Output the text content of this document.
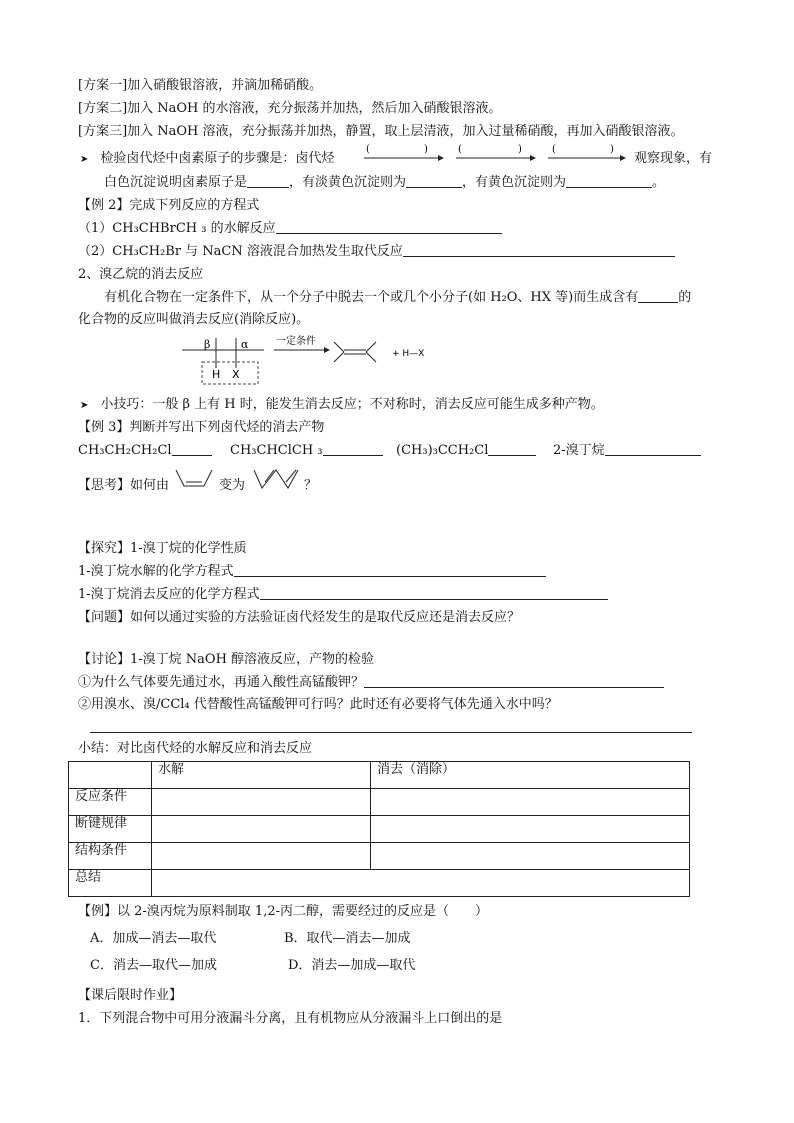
[方案一]加入硝酸银溶液，并滴加稀硝酸。
[方案二]加入 NaOH 的水溶液，充分振荡并加热，然后加入硝酸银溶液。
[方案三]加入 NaOH 溶液，充分振荡并加热，静置，取上层清液，加入过量稀硝酸，再加入硝酸银溶液。
➤ 检验卤代烃中卤素原子的步骤是：卤代烃
(	)	(	)	(	)
观察现象，有
白色沉淀说明卤素原子是	，有淡黄色沉淀则为	，有黄色沉淀则为	。
【例 2】完成下列反应的方程式
（1）CH₃CHBrCH ₃ 的水解反应
（2）CH₃CH₂Br 与 NaCN 溶液混合加热发生取代反应
2、溴乙烷的消去反应
有机化合物在一定条件下，从一个分子中脱去一个或几个小分子(如 H₂O、HX 等)而生成含有	的
化合物的反应叫做消去反应(消除反应)。
β	α
H X
一定条件
+ H—X
➤ 小技巧：一般 β 上有 H 时，能发生消去反应；不对称时，消去反应可能生成多种产物。
【例 3】判断并写出下列卤代烃的消去产物
CH₃CH₂CH₂Cl	CH₃CHClCH ₃	(CH₃)₃CCH₂Cl	2-溴丁烷
【思考】如何由	变为	？
【探究】1-溴丁烷的化学性质
1-溴丁烷水解的化学方程式
1-溴丁烷消去反应的化学方程式
【问题】如何以通过实验的方法验证卤代烃发生的是取代反应还是消去反应？
【讨论】1-溴丁烷 NaOH 醇溶液反应，产物的检验
①为什么气体要先通过水，再通入酸性高锰酸钾？
②用溴水、溴/CCl₄ 代替酸性高锰酸钾可行吗？此时还有必要将气体先通入水中吗？
小结：对比卤代烃的水解反应和消去反应
	水解	消去（消除）
反应条件		
断键规律		
结构条件		
总结		
【例】以 2-溴丙烷为原料制取 1,2-丙二醇，需要经过的反应是（　　）
A．加成—消去—取代	B．取代—消去—加成
C．消去—取代—加成	D．消去—加成—取代
【课后限时作业】
1．下列混合物中可用分液漏斗分离，且有机物应从分液漏斗上口倒出的是
